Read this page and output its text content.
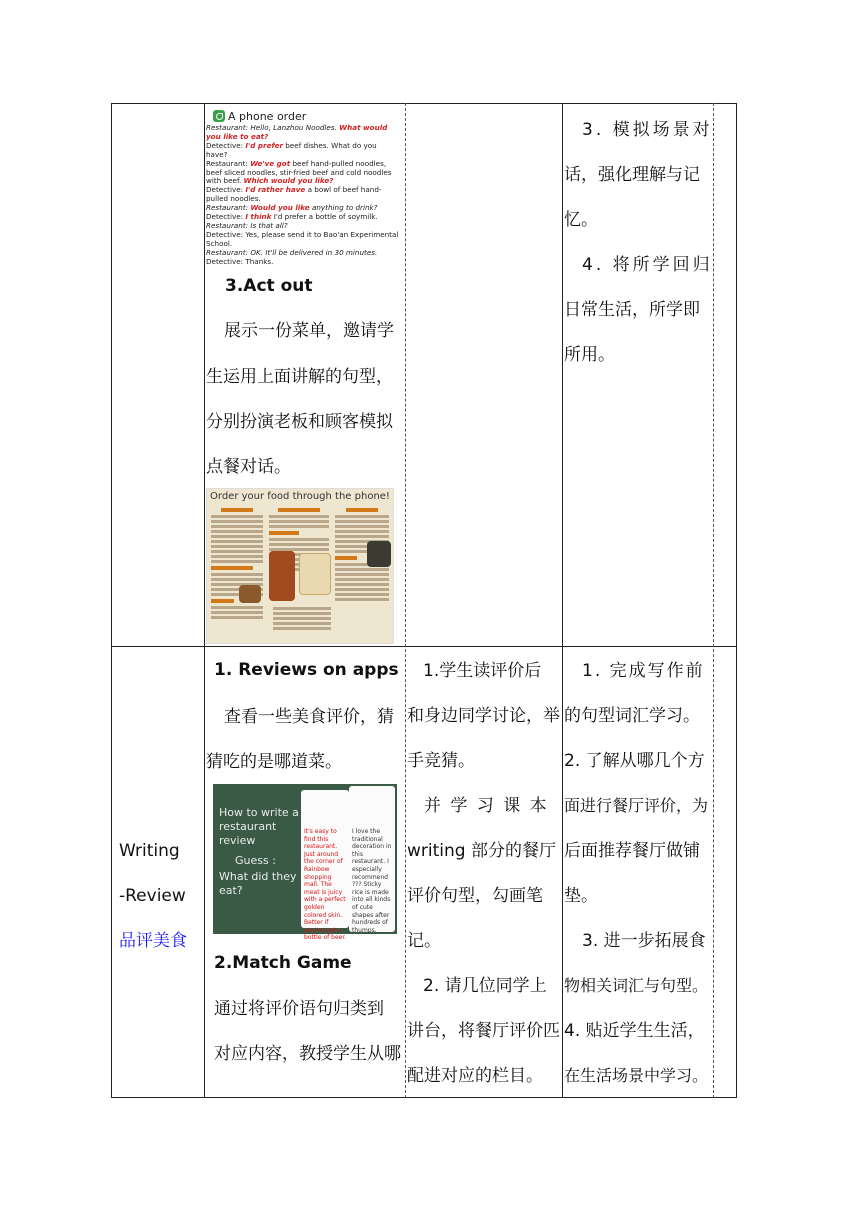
A phone order
Restaurant: Hello, Lanzhou Noodles. What would you like to eat?
Detective: I'd prefer beef dishes. What do you have?
Restaurant: We've got beef hand-pulled noodles, beef sliced noodles, stir-fried beef and cold noodles with beef. Which would you like?
Detective: I'd rather have a bowl of beef hand-pulled noodles.
Restaurant: Would you like anything to drink?
Detective: I think I'd prefer a bottle of soymilk.
Restaurant: Is that all?
Detective: Yes, please send it to Bao'an Experimental School.
Restaurant: OK. It'll be delivered in 30 minutes.
Detective: Thanks.
3.Act out
展示一份菜单，邀请学
生运用上面讲解的句型，
分别扮演老板和顾客模拟
点餐对话。
Order your food through the phone!
3. 模拟场景对
话，强化理解与记
忆。
4. 将所学回归
日常生活，所学即
所用。
Writing
-Review
品评美食
1. Reviews on apps
查看一些美食评价，猜
猜吃的是哪道菜。
How to write a restaurant review
Guess :
What did they eat?
It's easy to find this restaurant. Just around the corner of Rainbow shopping mall. The meat is juicy with a perfect golden colored skin. Better if you've got a bottle of beer.
I love the traditional decoration in this restaurant. I especially recommend ??? Sticky rice is made into all kinds of cute shapes after hundreds of thumps.
2.Match Game
通过将评价语句归类到
对应内容，教授学生从哪
1.学生读评价后
和身边同学讨论，举
手竞猜。
并 学 习 课 本
writing 部分的餐厅
评价句型，勾画笔
记。
2. 请几位同学上
讲台，将餐厅评价匹
配进对应的栏目。
1. 完成写作前
的句型词汇学习。
2. 了解从哪几个方
面进行餐厅评价，为
后面推荐餐厅做铺
垫。
3. 进一步拓展食
物相关词汇与句型。
4. 贴近学生生活，
在生活场景中学习。
